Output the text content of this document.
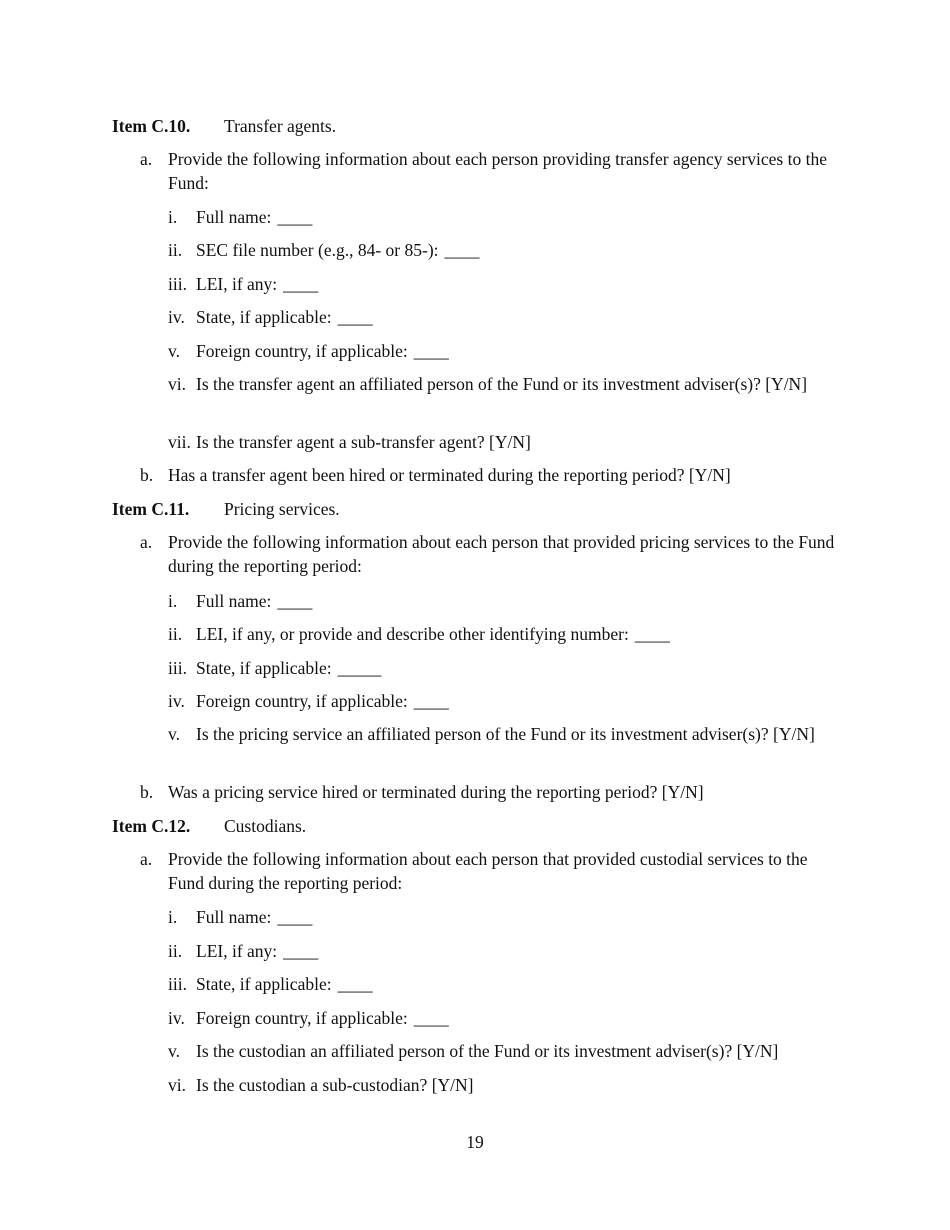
Item C.10. Transfer agents.
a. Provide the following information about each person providing transfer agency services to the Fund:
i. Full name: ____
ii. SEC file number (e.g., 84- or 85-): ____
iii. LEI, if any: ____
iv. State, if applicable: ____
v. Foreign country, if applicable: ____
vi. Is the transfer agent an affiliated person of the Fund or its investment adviser(s)? [Y/N]
vii. Is the transfer agent a sub-transfer agent? [Y/N]
b. Has a transfer agent been hired or terminated during the reporting period? [Y/N]
Item C.11. Pricing services.
a. Provide the following information about each person that provided pricing services to the Fund during the reporting period:
i. Full name: ____
ii. LEI, if any, or provide and describe other identifying number: ____
iii. State, if applicable: _____
iv. Foreign country, if applicable: ____
v. Is the pricing service an affiliated person of the Fund or its investment adviser(s)? [Y/N]
b. Was a pricing service hired or terminated during the reporting period? [Y/N]
Item C.12. Custodians.
a. Provide the following information about each person that provided custodial services to the Fund during the reporting period:
i. Full name: ____
ii. LEI, if any: ____
iii. State, if applicable: ____
iv. Foreign country, if applicable: ____
v. Is the custodian an affiliated person of the Fund or its investment adviser(s)? [Y/N]
vi. Is the custodian a sub-custodian? [Y/N]
19
